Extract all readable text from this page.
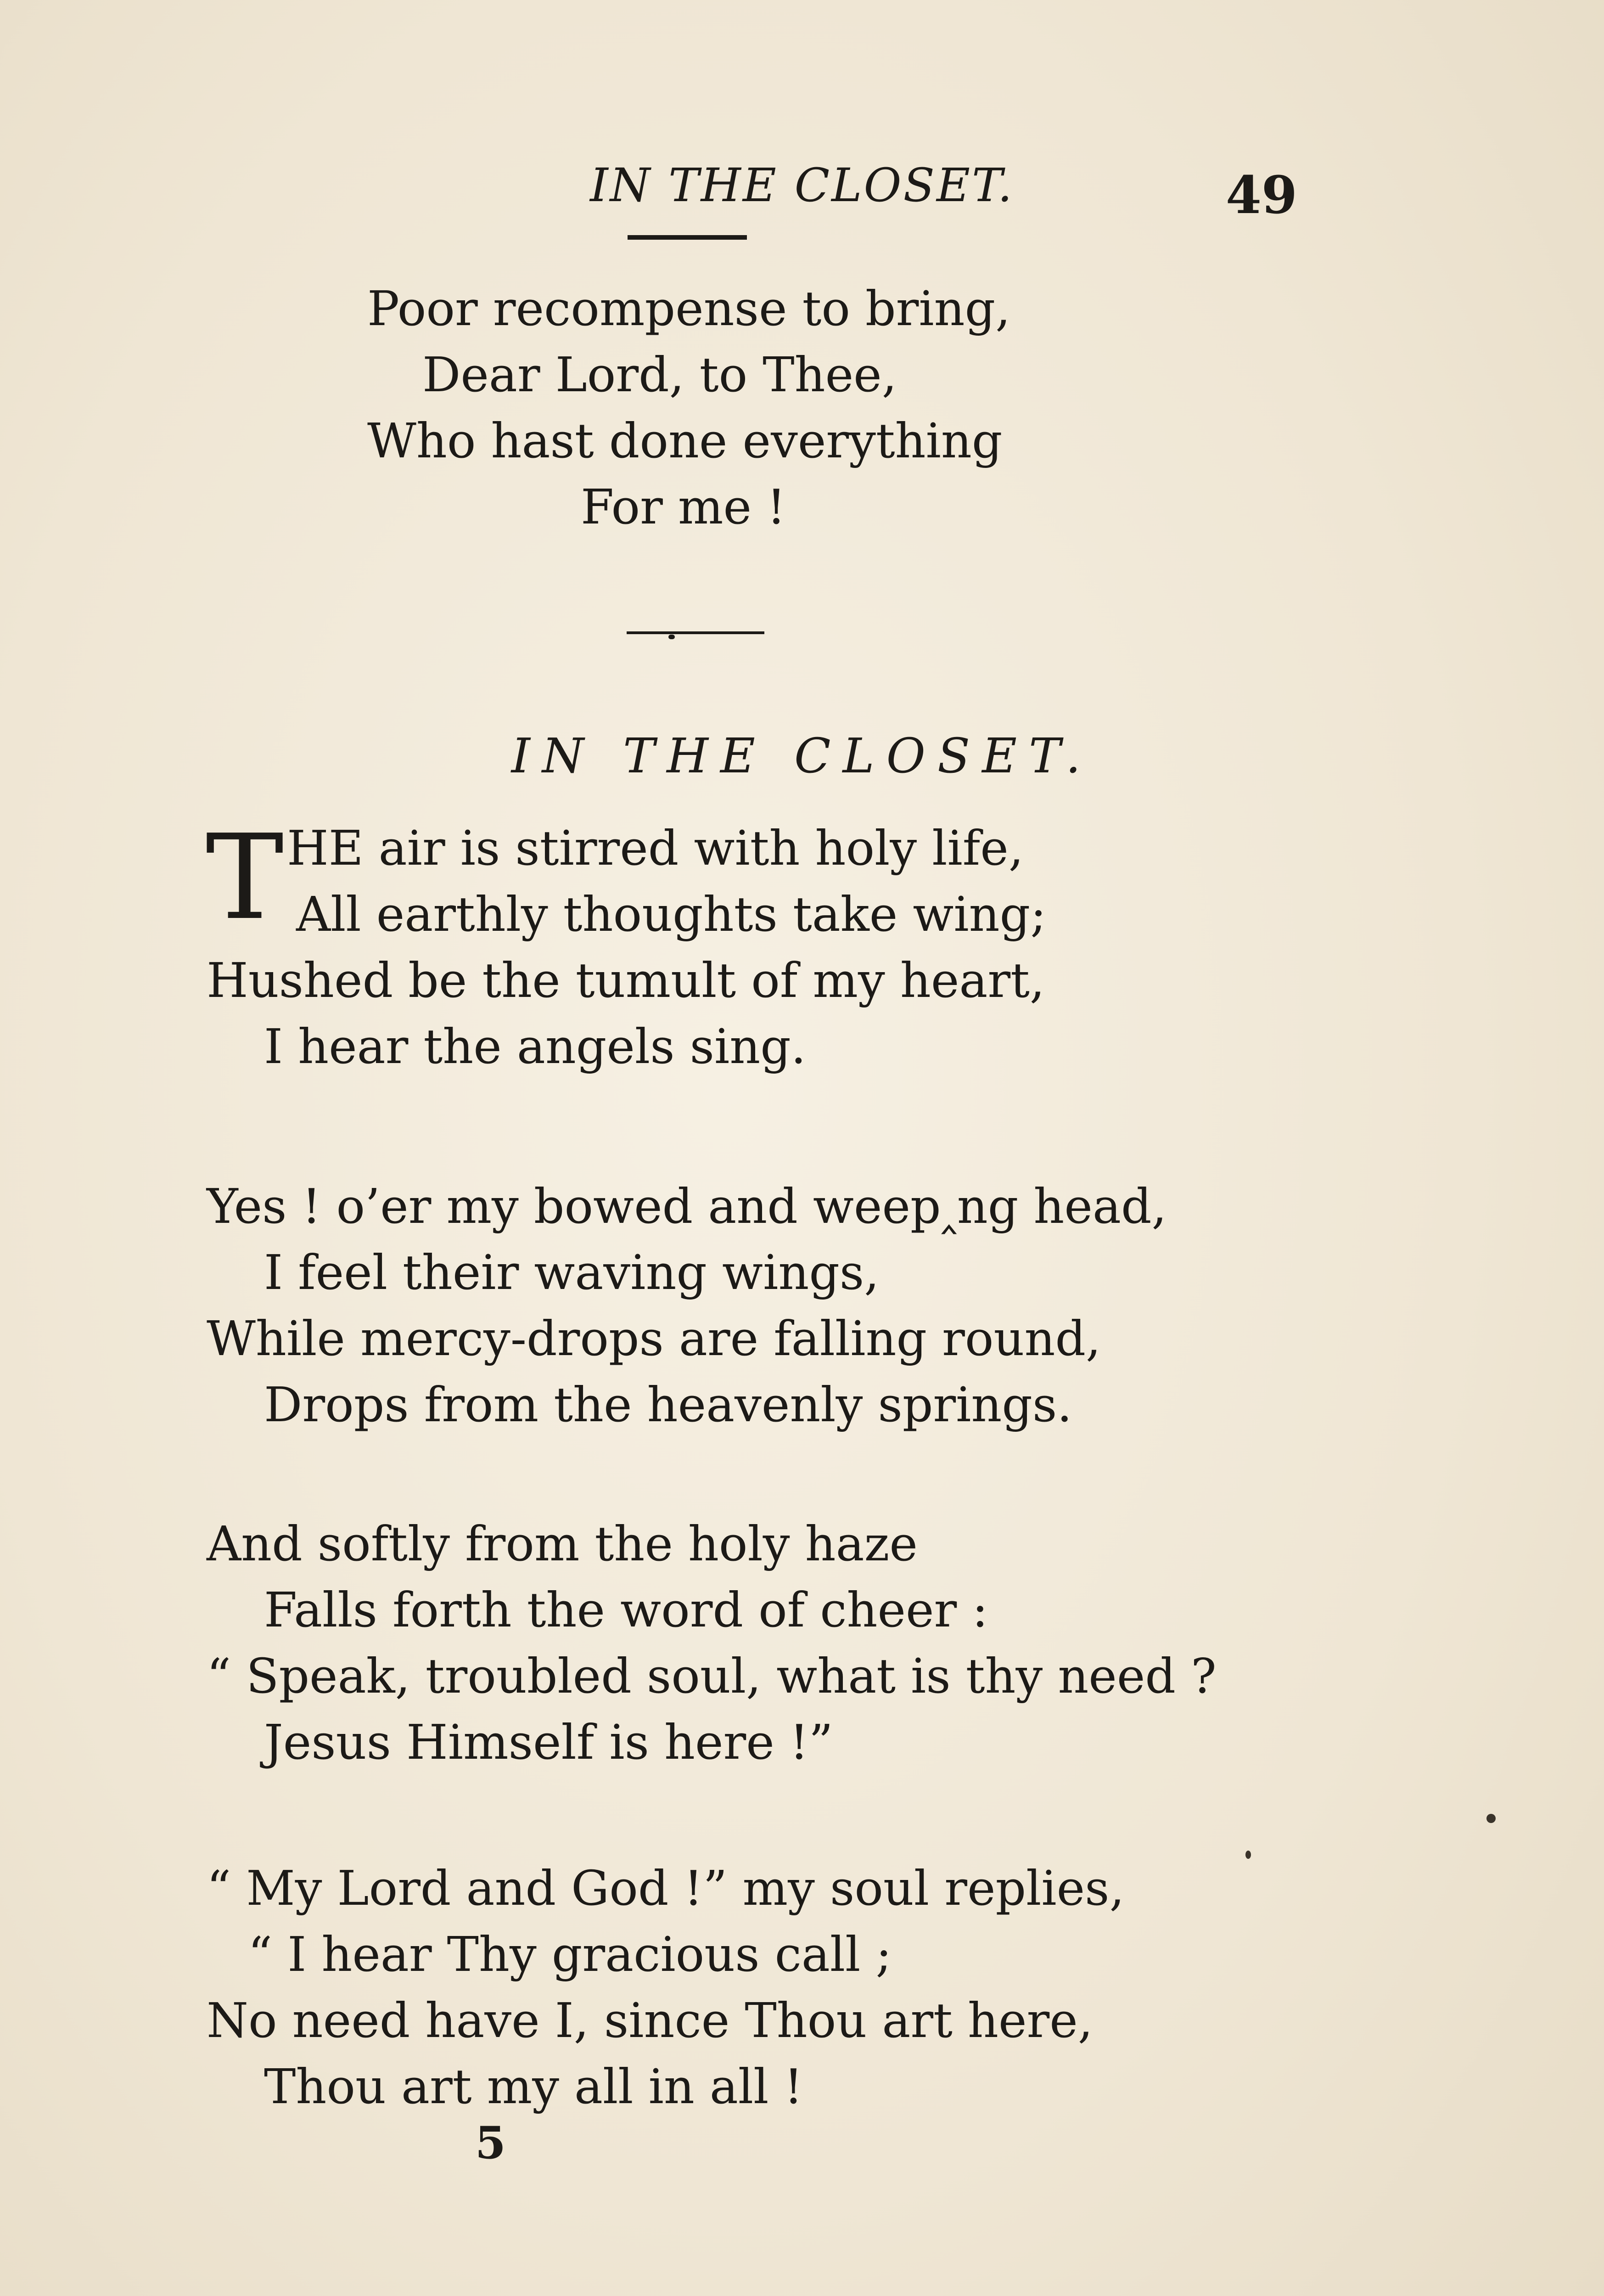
IN THE CLOSET.	49
Poor recompense to bring,
Dear Lord, to Thee,
Who hast done everything
For me !
IN THE CLOSET.
T HE air is stirred with holy life,
All earthly thoughts take wing;
Hushed be the tumult of my heart,
I hear the angels sing.
Yes ! o’er my bowed and weep‸ng head,
I feel their waving wings,
While mercy-drops are falling round,
Drops from the heavenly springs.
And softly from the holy haze
Falls forth the word of cheer :
“ Speak, troubled soul, what is thy need ?
Jesus Himself is here !”
“ My Lord and God !” my soul replies,
“ I hear Thy gracious call ;
No need have I, since Thou art here,
Thou art my all in all !
5
